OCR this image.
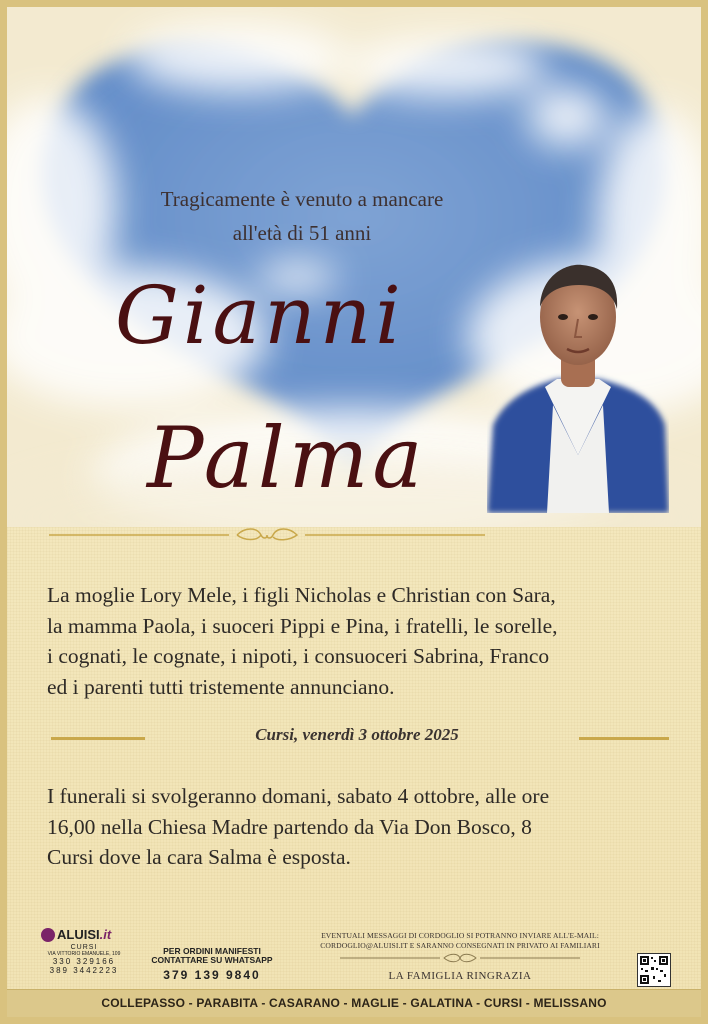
Tragicamente è venuto a mancare
all'età di 51 anni
Gianni
Palma
La moglie Lory Mele, i figli Nicholas e Christian con Sara,
la mamma Paola, i suoceri Pippi e Pina, i fratelli, le sorelle,
i cognati, le cognate, i nipoti, i consuoceri Sabrina, Franco
ed i parenti tutti tristemente annunciano.
Cursi, venerdì 3 ottobre 2025
I funerali si svolgeranno domani, sabato 4 ottobre, alle ore
16,00 nella Chiesa Madre partendo da Via Don Bosco, 8
Cursi dove la cara Salma è esposta.
ALUISI .it
CURSI
VIA VITTORIO EMANUELE, 109
330 329166
389 3442223
PER ORDINI MANIFESTI
CONTATTARE SU WHATSAPP
379 139 9840
EVENTUALI MESSAGGI DI CORDOGLIO SI POTRANNO INVIARE ALL'E-MAIL:
CORDOGLIO@ALUISI.IT E SARANNO CONSEGNATI IN PRIVATO AI FAMILIARI
LA FAMIGLIA RINGRAZIA
COLLEPASSO - PARABITA - CASARANO - MAGLIE - GALATINA - CURSI - MELISSANO
